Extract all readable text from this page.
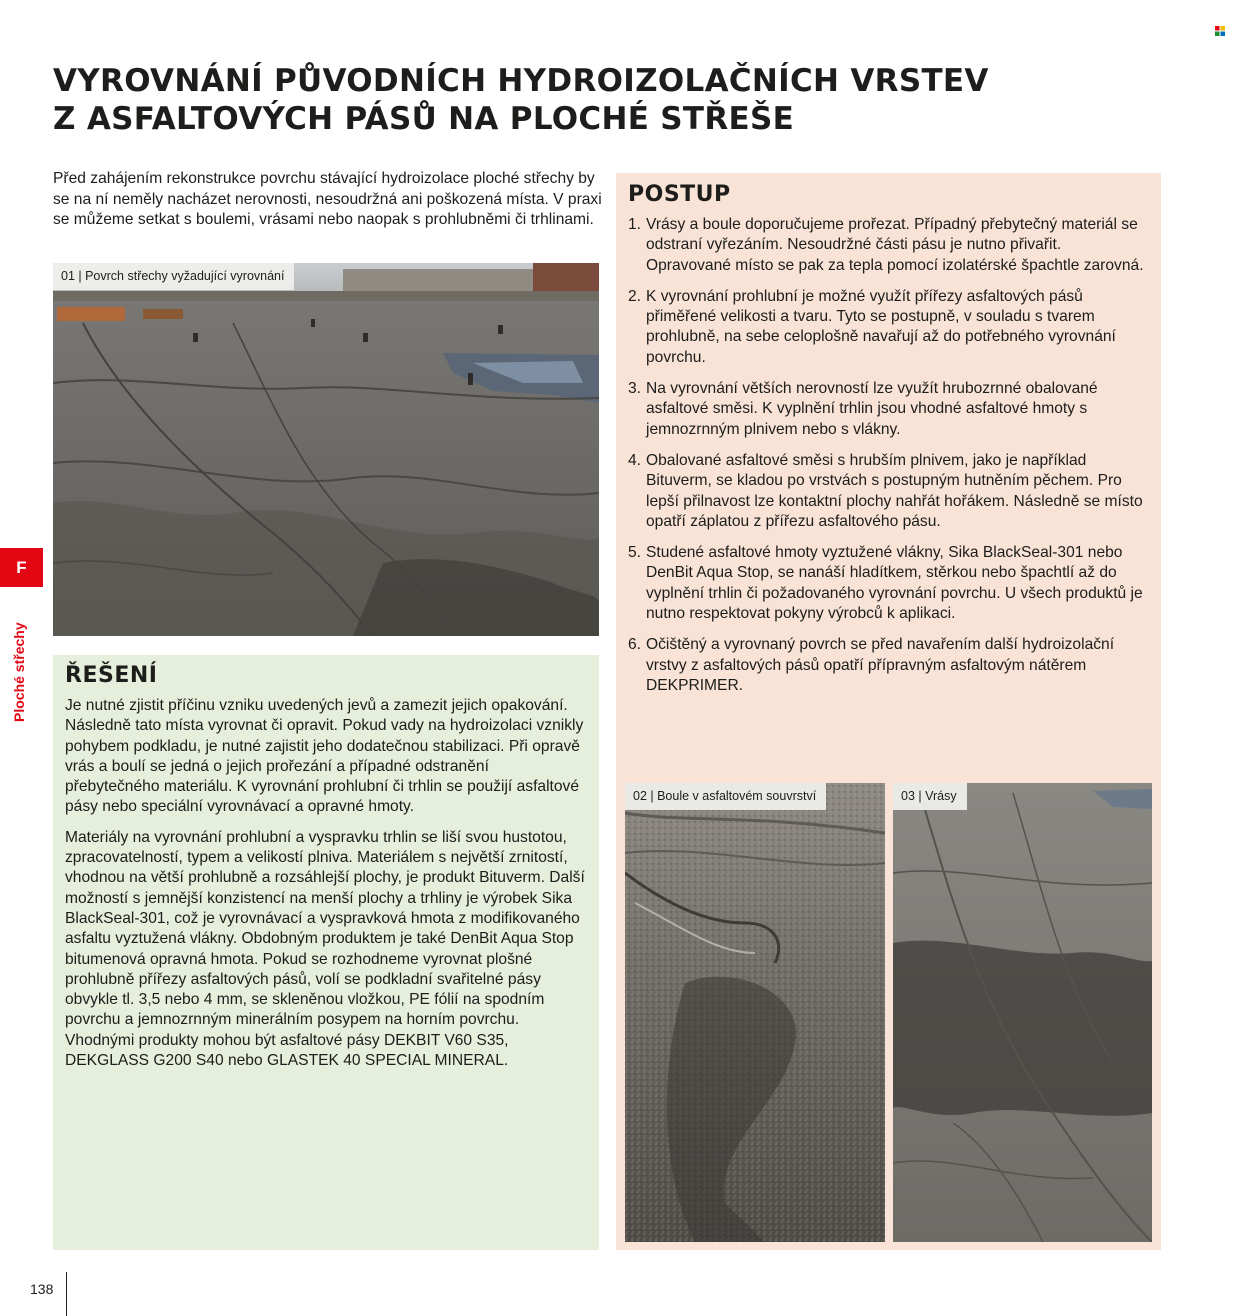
VYROVNÁNÍ PŮVODNÍCH HYDROIZOLAČNÍCH VRSTEV
Z ASFALTOVÝCH PÁSŮ NA PLOCHÉ STŘEŠE

Před zahájením rekonstrukce povrchu stávající hydroizolace ploché střechy by se na ní neměly nacházet nerovnosti, nesoudržná ani poškozená místa. V praxi se můžeme setkat s boulemi, vrásami nebo naopak s prohlubněmi či trhlinami.

01 | Povrch střechy vyžadující vyrovnání
F
Ploché střechy ŘEŠENÍ

Je nutné zjistit příčinu vzniku uvedených jevů a zamezit jejich opakování. Následně tato místa vyrovnat či opravit. Pokud vady na hydroizolaci vznikly pohybem podkladu, je nutné zajistit jeho dodatečnou stabilizaci. Při opravě vrás a boulí se jedná o jejich prořezání a případné odstranění přebytečného materiálu. K vyrovnání prohlubní či trhlin se použijí asfaltové pásy nebo speciální vyrovnávací a opravné hmoty.

Materiály na vyrovnání prohlubní a vyspravku trhlin se liší svou hustotou, zpracovatelností, typem a velikostí plniva. Materiálem s největší zrnitostí, vhodnou na větší prohlubně a rozsáhlejší plochy, je produkt Bituverm. Další možností s jemnější konzistencí na menší plochy a trhliny je výrobek Sika BlackSeal-301, což je vyrovnávací a vyspravková hmota z modifikovaného asfaltu vyztužená vlákny. Obdobným produktem je také DenBit Aqua Stop bitumenová opravná hmota. Pokud se rozhodneme vyrovnat plošné prohlubně přířezy asfaltových pásů, volí se podkladní svařitelné pásy obvykle tl. 3,5 nebo 4 mm, se skleněnou vložkou, PE fólií na spodním povrchu a jemnozrnným minerálním posypem na horním povrchu. Vhodnými produkty mohou být asfaltové pásy DEKBIT V60 S35, DEKGLASS G200 S40 nebo GLASTEK 40 SPECIAL MINERAL.

POSTUP
1. Vrásy a boule doporučujeme prořezat. Případný přebytečný materiál se odstraní vyřezáním. Nesoudržné části pásu je nutno přivařit. Opravované místo se pak za tepla pomocí izolatérské špachtle zarovná.
2. K vyrovnání prohlubní je možné využít přířezy asfaltových pásů přiměřené velikosti a tvaru. Tyto se postupně, v souladu s tvarem prohlubně, na sebe celoplošně navařují až do potřebného vyrovnání povrchu.
3. Na vyrovnání větších nerovností lze využít hrubozrnné obalované asfaltové směsi. K vyplnění trhlin jsou vhodné asfaltové hmoty s jemnozrnným plnivem nebo s vlákny.
4. Obalované asfaltové směsi s hrubším plnivem, jako je například Bituverm, se kladou po vrstvách s postupným hutněním pěchem. Pro lepší přilnavost lze kontaktní plochy nahřát hořákem. Následně se místo opatří záplatou z přířezu asfaltového pásu.
5. Studené asfaltové hmoty vyztužené vlákny, Sika BlackSeal-301 nebo DenBit Aqua Stop, se nanáší hladítkem, stěrkou nebo špachtlí až do vyplnění trhlin či požadovaného vyrovnání povrchu. U všech produktů je nutno respektovat pokyny výrobců k aplikaci.
6. Očištěný a vyrovnaný povrch se před navařením další hydroizolační vrstvy z asfaltových pásů opatří přípravným asfaltovým nátěrem DEKPRIMER.
02 | Boule v asfaltovém souvrství	03 | Vrásy
138
